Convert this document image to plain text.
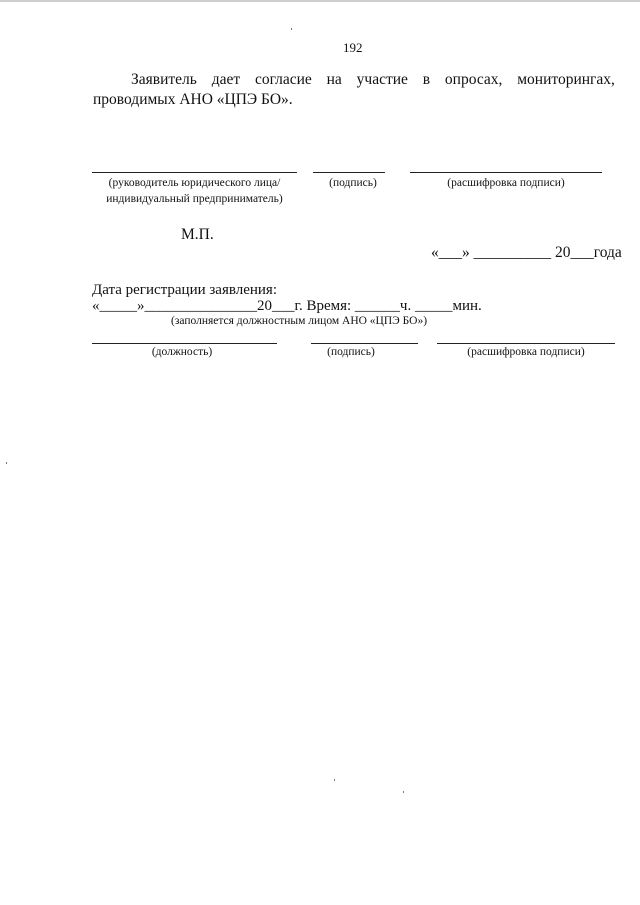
192
Заявитель дает согласие на участие в опросах, мониторингах,
проводимых АНО «ЦПЭ БО».
(руководитель юридического лица/
индивидуальный предприниматель)
(подпись)	(расшифровка подписи)
М.П.
«___» __________ 20___года
Дата регистрации заявления:
«_____»_______________20___г. Время: ______ч. _____мин.
(заполняется должностным лицом АНО «ЦПЭ БО»)
(должность)	(подпись)	(расшифровка подписи)
